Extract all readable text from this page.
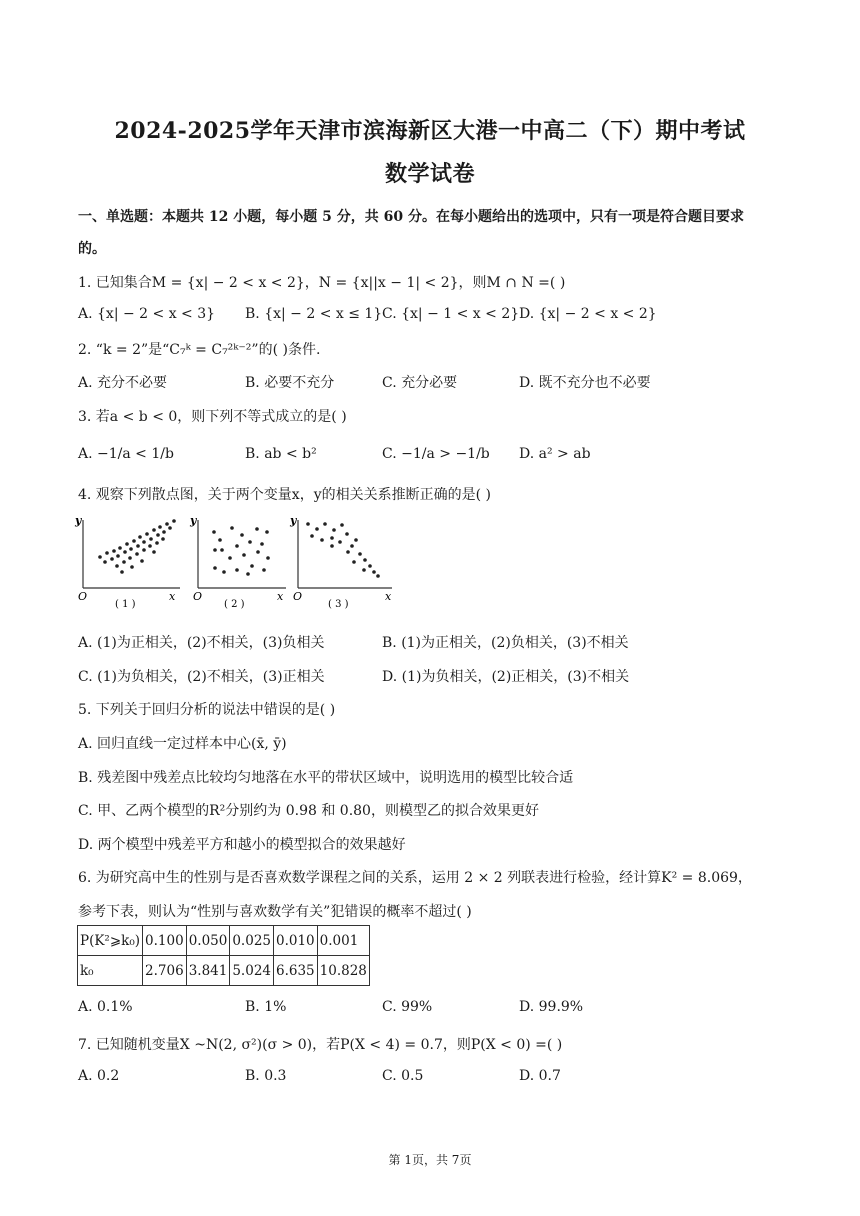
2024-2025学年天津市滨海新区大港一中高二（下）期中考试
数学试卷
一、单选题：本题共 12 小题，每小题 5 分，共 60 分。在每小题给出的选项中，只有一项是符合题目要求
的。
1. 已知集合M = {x| − 2 < x < 2}，N = {x||x − 1| < 2}，则M ∩ N =( )
A. {x| − 2 < x < 3} B. {x| − 2 < x ≤ 1} C. {x| − 1 < x < 2} D. {x| − 2 < x < 2}
2. “k = 2”是“C₇ᵏ = C₇²ᵏ⁻²”的( )条件.
A. 充分不必要	B. 必要不充分	C. 充分必要	D. 既不充分也不必要
3. 若a < b < 0，则下列不等式成立的是( )
A. −1/a < 1/b	B. ab < b²	C. −1/a > −1/b D. a² > ab
4. 观察下列散点图，关于两个变量x，y的相关关系推断正确的是( )
y
O	x
( 1 )
y
O	x
( 2 )
y
O	x
( 3 )
A. (1)为正相关，(2)不相关，(3)负相关	B. (1)为正相关，(2)负相关，(3)不相关
C. (1)为负相关，(2)不相关，(3)正相关	D. (1)为负相关，(2)正相关，(3)不相关
5. 下列关于回归分析的说法中错误的是( )
A. 回归直线一定过样本中心(x̄, ȳ)
B. 残差图中残差点比较均匀地落在水平的带状区域中，说明选用的模型比较合适
C. 甲、乙两个模型的R²分别约为 0.98 和 0.80，则模型乙的拟合效果更好
D. 两个模型中残差平方和越小的模型拟合的效果越好
6. 为研究高中生的性别与是否喜欢数学课程之间的关系，运用 2 × 2 列联表进行检验，经计算K² = 8.069，
参考下表，则认为“性别与喜欢数学有关”犯错误的概率不超过( )
P(K²⩾k₀)	0.100	0.050	0.025	0.010	0.001
k₀	2.706	3.841	5.024	6.635	10.828
A. 0.1%	B. 1%	C. 99%	D. 99.9%
7. 已知随机变量X ~N(2, σ²)(σ > 0)，若P(X < 4) = 0.7，则P(X < 0) =( )
A. 0.2	B. 0.3	C. 0.5	D. 0.7
第 1页，共 7页
